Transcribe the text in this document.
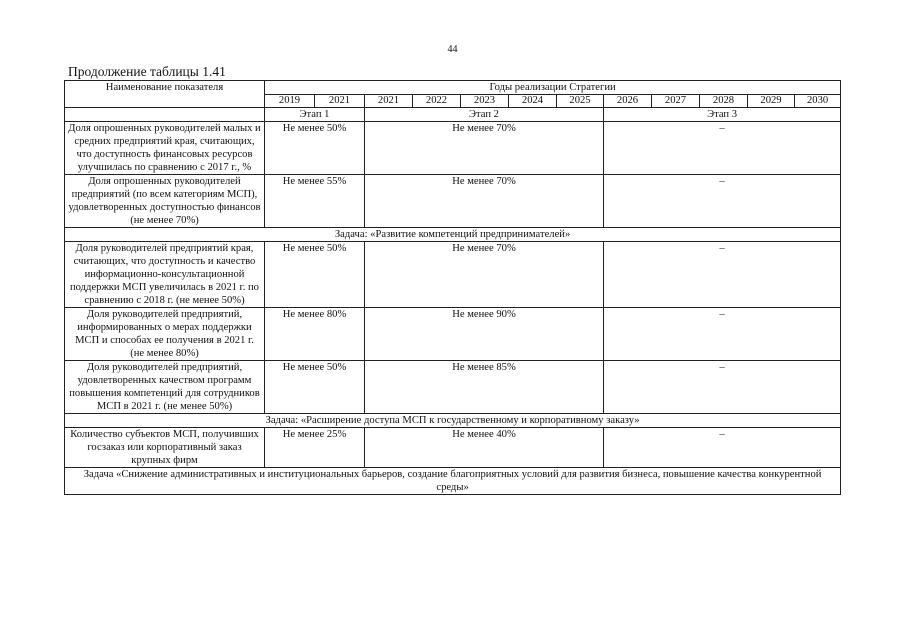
44
Продолжение таблицы 1.41
Наименование показателя	Годы реализации Стратегии											
	2019	2021	2021	2022	2023	2024	2025	2026	2027	2028	2029	2030
	Этап 1		Этап 2					Этап 3				
Доля опрошенных руководителей малых и средних предприятий края, считающих, что доступность финансовых ресурсов улучшилась по сравнению с 2017 г., %	Не менее 50%		Не менее 70%					–				
Доля опрошенных руководителей предприятий (по всем категориям МСП), удовлетворенных доступностью финансов (не менее 70%)	Не менее 55%		Не менее 70%					–				
Задача: «Развитие компетенций предпринимателей»												
Доля руководителей предприятий края, считающих, что доступность и качество информационно-консультационной поддержки МСП увеличилась в 2021 г. по сравнению с 2018 г. (не менее 50%)	Не менее 50%		Не менее 70%					–				
Доля руководителей предприятий, информированных о мерах поддержки МСП и способах ее получения в 2021 г. (не менее 80%)	Не менее 80%		Не менее 90%					–				
Доля руководителей предприятий, удовлетворенных качеством программ повышения компетенций для сотрудников МСП в 2021 г. (не менее 50%)	Не менее 50%		Не менее 85%					–				
Задача: «Расширение доступа МСП к государственному и корпоративному заказу»												
Количество субъектов МСП, получивших госзаказ или корпоративный заказ крупных фирм	Не менее 25%		Не менее 40%					–				
Задача «Снижение административных и институциональных барьеров, создание благоприятных условий для развития бизнеса, повышение качества конкурентной среды»												
